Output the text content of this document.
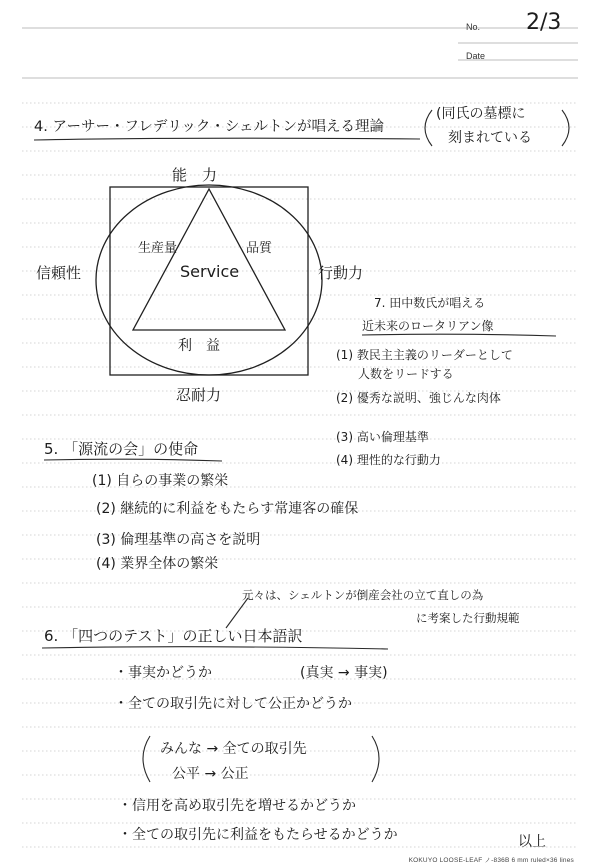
No. 2/3
Date
4. アーサー・フレデリック・シェルトンが唱える理論
(同氏の墓標に
刻まれている
能　力
忍耐力
信頼性	行動力
Service
生産量	品質
利　益
7. 田中数氏が唱える
近未来のロータリアン像
(1) 教民主主義のリーダーとして
人数をリードする
(2) 優秀な説明、強じんな肉体
(3) 高い倫理基準
(4) 理性的な行動力
5. 「源流の会」の使命
(1) 自らの事業の繁栄
(2) 継続的に利益をもたらす常連客の確保
(3) 倫理基準の高さを説明
(4) 業界全体の繁栄
元々は、シェルトンが倒産会社の立て直しの為
に考案した行動規範
6. 「四つのテスト」の正しい日本語訳
・事実かどうか	(真実 → 事実)
・全ての取引先に対して公正かどうか
みんな → 全ての取引先
公平 → 公正
・信用を高め取引先を増せるかどうか
・全ての取引先に利益をもたらせるかどうか	以上
KOKUYO LOOSE-LEAF ノ-836B 6 mm ruled×36 lines
